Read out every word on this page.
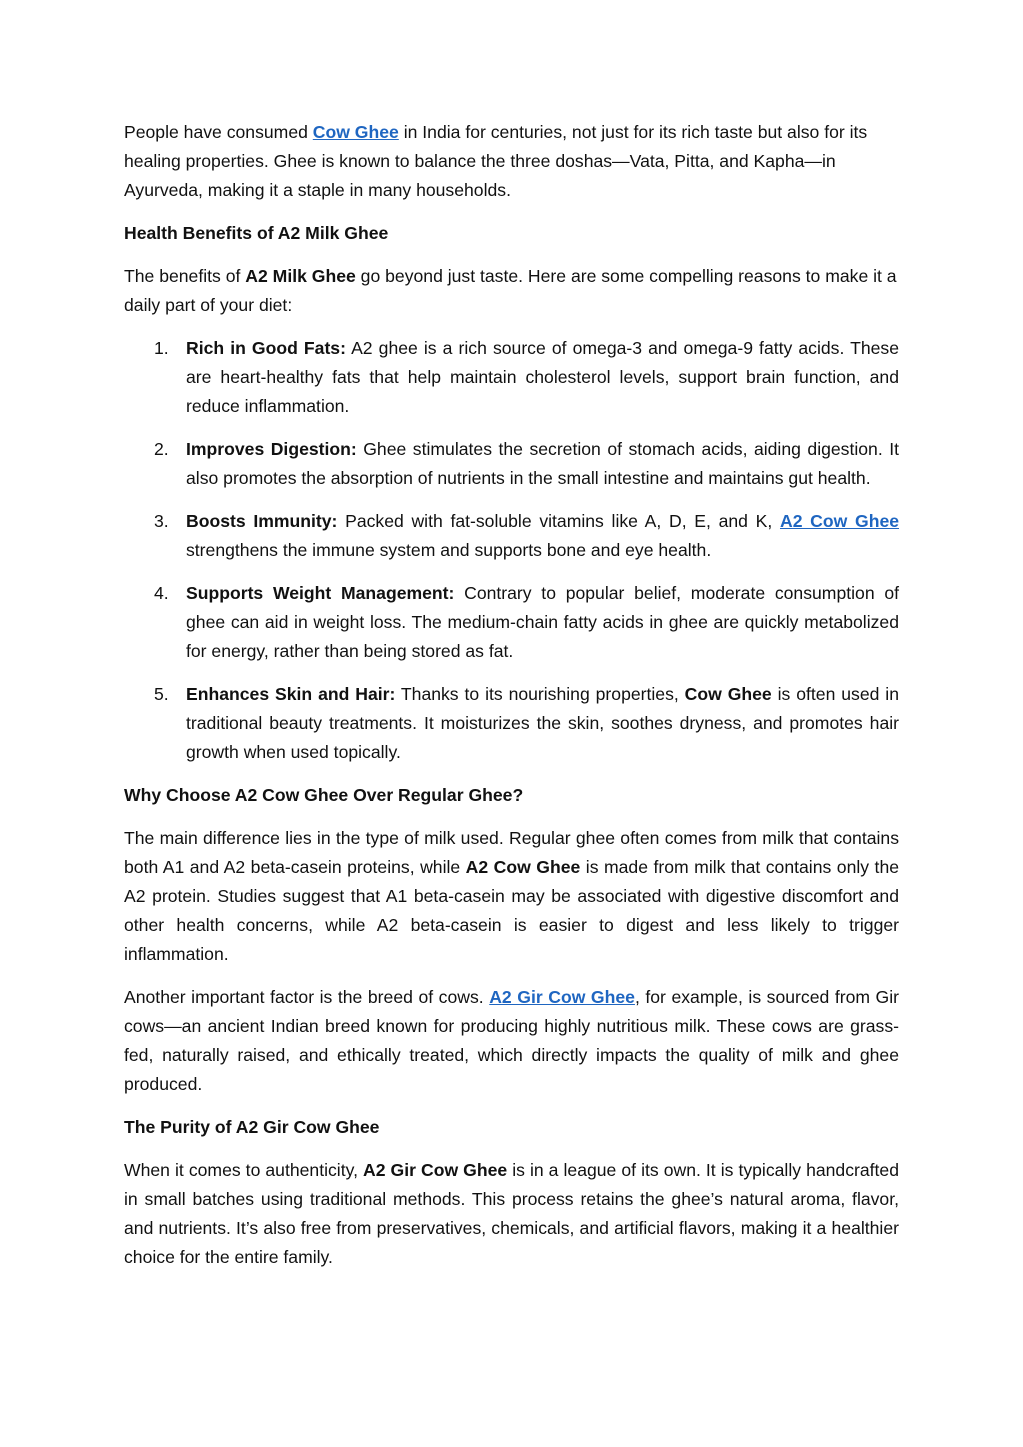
People have consumed Cow Ghee in India for centuries, not just for its rich taste but also for its healing properties. Ghee is known to balance the three doshas—Vata, Pitta, and Kapha—in Ayurveda, making it a staple in many households.

Health Benefits of A2 Milk Ghee

The benefits of A2 Milk Ghee go beyond just taste. Here are some compelling reasons to make it a daily part of your diet:

1. Rich in Good Fats: A2 ghee is a rich source of omega-3 and omega-9 fatty acids. These are heart-healthy fats that help maintain cholesterol levels, support brain function, and reduce inflammation.
2. Improves Digestion: Ghee stimulates the secretion of stomach acids, aiding digestion. It also promotes the absorption of nutrients in the small intestine and maintains gut health.
3. Boosts Immunity: Packed with fat-soluble vitamins like A, D, E, and K, A2 Cow Ghee strengthens the immune system and supports bone and eye health.
4. Supports Weight Management: Contrary to popular belief, moderate consumption of ghee can aid in weight loss. The medium-chain fatty acids in ghee are quickly metabolized for energy, rather than being stored as fat.
5. Enhances Skin and Hair: Thanks to its nourishing properties, Cow Ghee is often used in traditional beauty treatments. It moisturizes the skin, soothes dryness, and promotes hair growth when used topically.
Why Choose A2 Cow Ghee Over Regular Ghee?

The main difference lies in the type of milk used. Regular ghee often comes from milk that contains both A1 and A2 beta-casein proteins, while A2 Cow Ghee is made from milk that contains only the A2 protein. Studies suggest that A1 beta-casein may be associated with digestive discomfort and other health concerns, while A2 beta-casein is easier to digest and less likely to trigger inflammation.

Another important factor is the breed of cows. A2 Gir Cow Ghee, for example, is sourced from Gir cows—an ancient Indian breed known for producing highly nutritious milk. These cows are grass-fed, naturally raised, and ethically treated, which directly impacts the quality of milk and ghee produced.

The Purity of A2 Gir Cow Ghee

When it comes to authenticity, A2 Gir Cow Ghee is in a league of its own. It is typically handcrafted in small batches using traditional methods. This process retains the ghee’s natural aroma, flavor, and nutrients. It’s also free from preservatives, chemicals, and artificial flavors, making it a healthier choice for the entire family.
